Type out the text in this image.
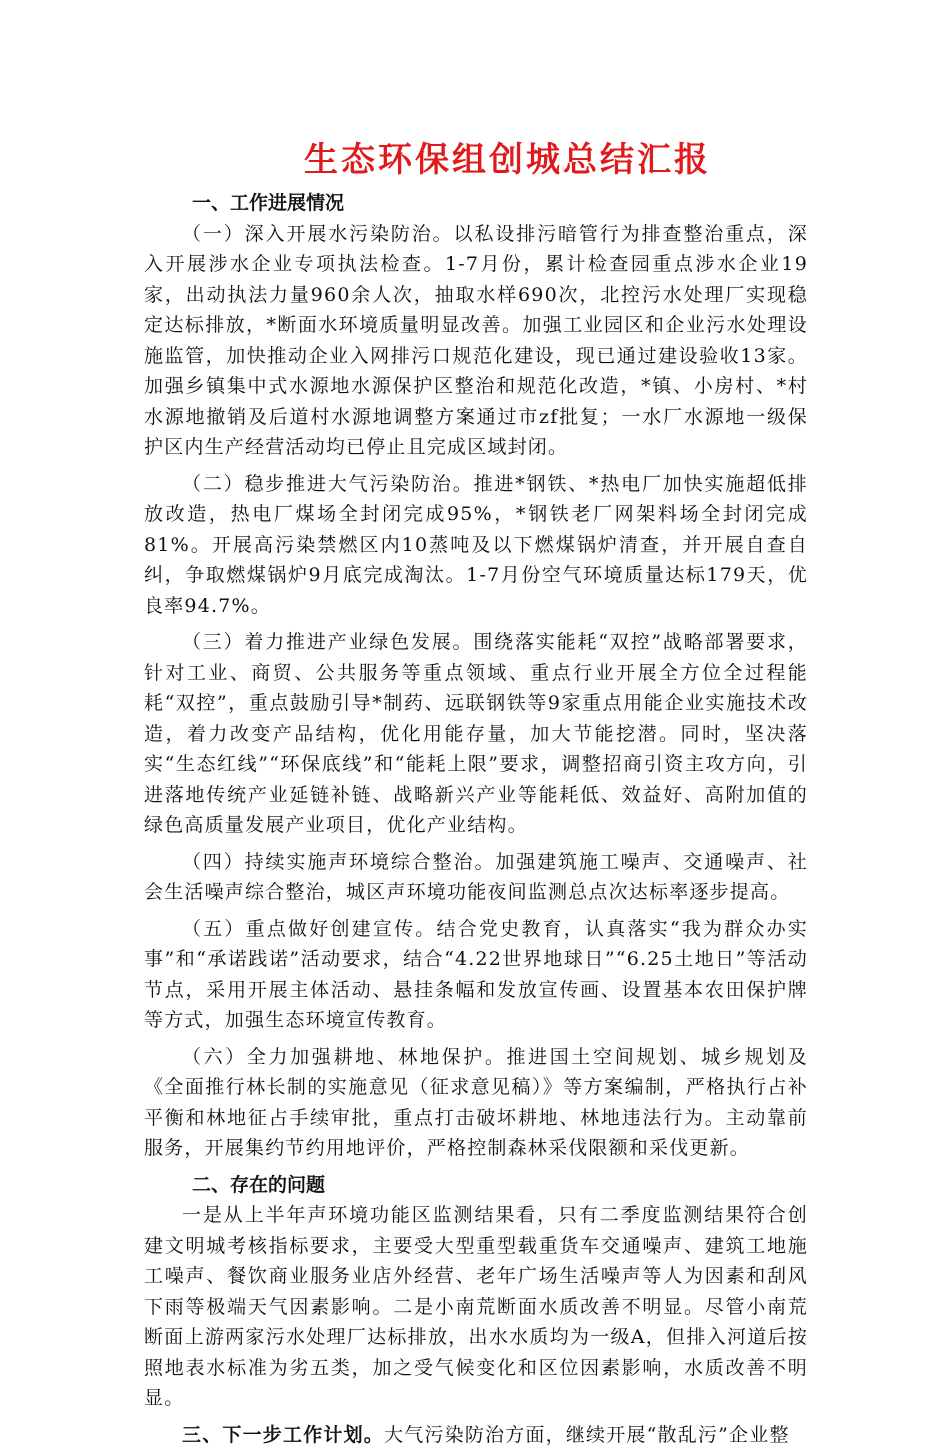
生态环保组创城总结汇报

一、工作进展情况

（一）深入开展水污染防治。以私设排污暗管行为排查整治重点，深入开展涉水企业专项执法检查。1-7月份，累计检查园重点涉水企业19家，出动执法力量960余人次，抽取水样690次，北控污水处理厂实现稳定达标排放，*断面水环境质量明显改善。加强工业园区和企业污水处理设施监管，加快推动企业入网排污口规范化建设，现已通过建设验收13家。加强乡镇集中式水源地水源保护区整治和规范化改造，*镇、小房村、*村水源地撤销及后道村水源地调整方案通过市zf批复；一水厂水源地一级保护区内生产经营活动均已停止且完成区域封闭。

（二）稳步推进大气污染防治。推进*钢铁、*热电厂加快实施超低排放改造，热电厂煤场全封闭完成95%，*钢铁老厂网架料场全封闭完成81%。开展高污染禁燃区内10蒸吨及以下燃煤锅炉清查，并开展自查自纠，争取燃煤锅炉9月底完成淘汰。1-7月份空气环境质量达标179天，优良率94.7%。

（三）着力推进产业绿色发展。围绕落实能耗“双控”战略部署要求，针对工业、商贸、公共服务等重点领域、重点行业开展全方位全过程能耗“双控”，重点鼓励引导*制药、远联钢铁等9家重点用能企业实施技术改造，着力改变产品结构，优化用能存量，加大节能挖潜。同时，坚决落实“生态红线”“环保底线”和“能耗上限”要求，调整招商引资主攻方向，引进落地传统产业延链补链、战略新兴产业等能耗低、效益好、高附加值的绿色高质量发展产业项目，优化产业结构。

（四）持续实施声环境综合整治。加强建筑施工噪声、交通噪声、社会生活噪声综合整治，城区声环境功能夜间监测总点次达标率逐步提高。

（五）重点做好创建宣传。结合党史教育，认真落实“我为群众办实事”和“承诺践诺”活动要求，结合“4.22世界地球日”“6.25土地日”等活动节点，采用开展主体活动、悬挂条幅和发放宣传画、设置基本农田保护牌等方式，加强生态环境宣传教育。

（六）全力加强耕地、林地保护。推进国土空间规划、城乡规划及《全面推行林长制的实施意见（征求意见稿）》等方案编制，严格执行占补平衡和林地征占手续审批，重点打击破坏耕地、林地违法行为。主动靠前服务，开展集约节约用地评价，严格控制森林采伐限额和采伐更新。

二、存在的问题

一是从上半年声环境功能区监测结果看，只有二季度监测结果符合创建文明城考核指标要求，主要受大型重型载重货车交通噪声、建筑工地施工噪声、餐饮商业服务业店外经营、老年广场生活噪声等人为因素和刮风下雨等极端天气因素影响。二是小南荒断面水质改善不明显。尽管小南荒断面上游两家污水处理厂达标排放，出水水质均为一级A，但排入河道后按照地表水标准为劣五类，加之受气候变化和区位因素影响，水质改善不明显。

三、下一步工作计划。大气污染防治方面，继续开展“散乱污”企业整
